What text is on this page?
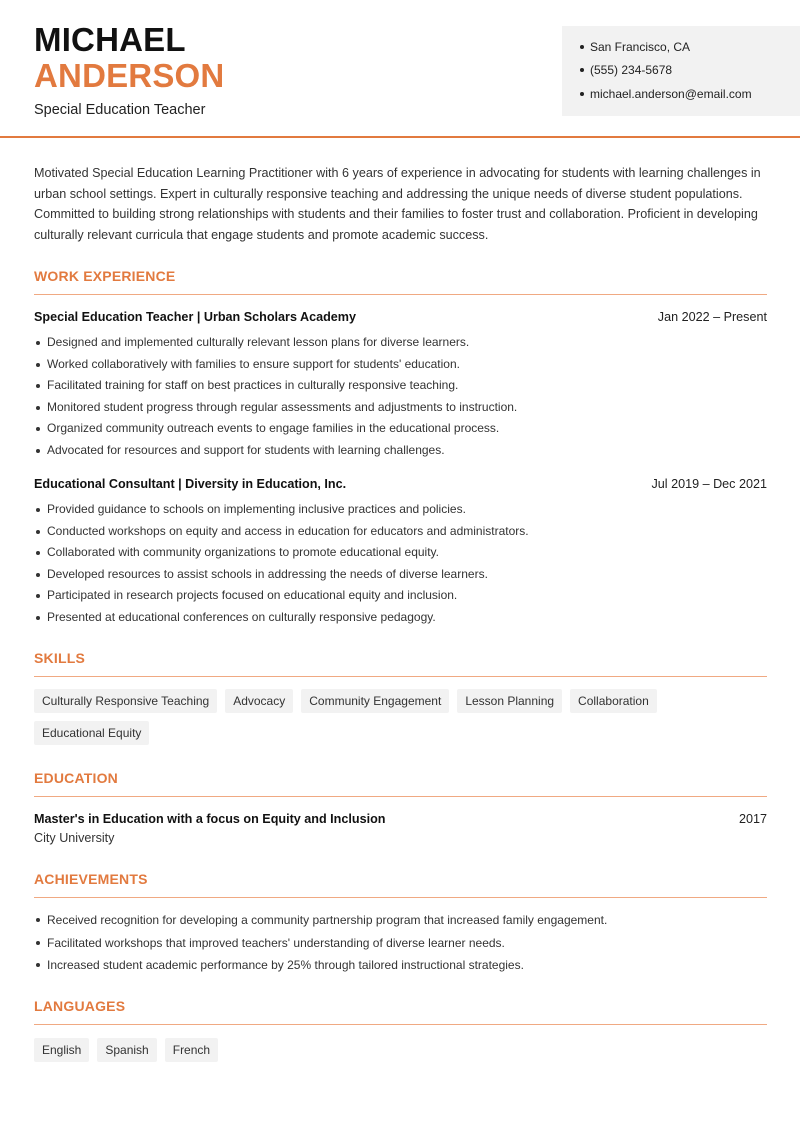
MICHAEL
ANDERSON
Special Education Teacher
San Francisco, CA
(555) 234-5678
michael.anderson@email.com
Motivated Special Education Learning Practitioner with 6 years of experience in advocating for students with learning challenges in urban school settings. Expert in culturally responsive teaching and addressing the unique needs of diverse student populations. Committed to building strong relationships with students and their families to foster trust and collaboration. Proficient in developing culturally relevant curricula that engage students and promote academic success.
WORK EXPERIENCE
Special Education Teacher | Urban Scholars Academy	Jan 2022 – Present
Designed and implemented culturally relevant lesson plans for diverse learners.
Worked collaboratively with families to ensure support for students' education.
Facilitated training for staff on best practices in culturally responsive teaching.
Monitored student progress through regular assessments and adjustments to instruction.
Organized community outreach events to engage families in the educational process.
Advocated for resources and support for students with learning challenges.
Educational Consultant | Diversity in Education, Inc.	Jul 2019 – Dec 2021
Provided guidance to schools on implementing inclusive practices and policies.
Conducted workshops on equity and access in education for educators and administrators.
Collaborated with community organizations to promote educational equity.
Developed resources to assist schools in addressing the needs of diverse learners.
Participated in research projects focused on educational equity and inclusion.
Presented at educational conferences on culturally responsive pedagogy.
SKILLS
Culturally Responsive Teaching	Advocacy	Community Engagement	Lesson Planning	Collaboration
Educational Equity
EDUCATION
Master's in Education with a focus on Equity and Inclusion	2017
City University
ACHIEVEMENTS
Received recognition for developing a community partnership program that increased family engagement.
Facilitated workshops that improved teachers' understanding of diverse learner needs.
Increased student academic performance by 25% through tailored instructional strategies.
LANGUAGES
English	Spanish	French
